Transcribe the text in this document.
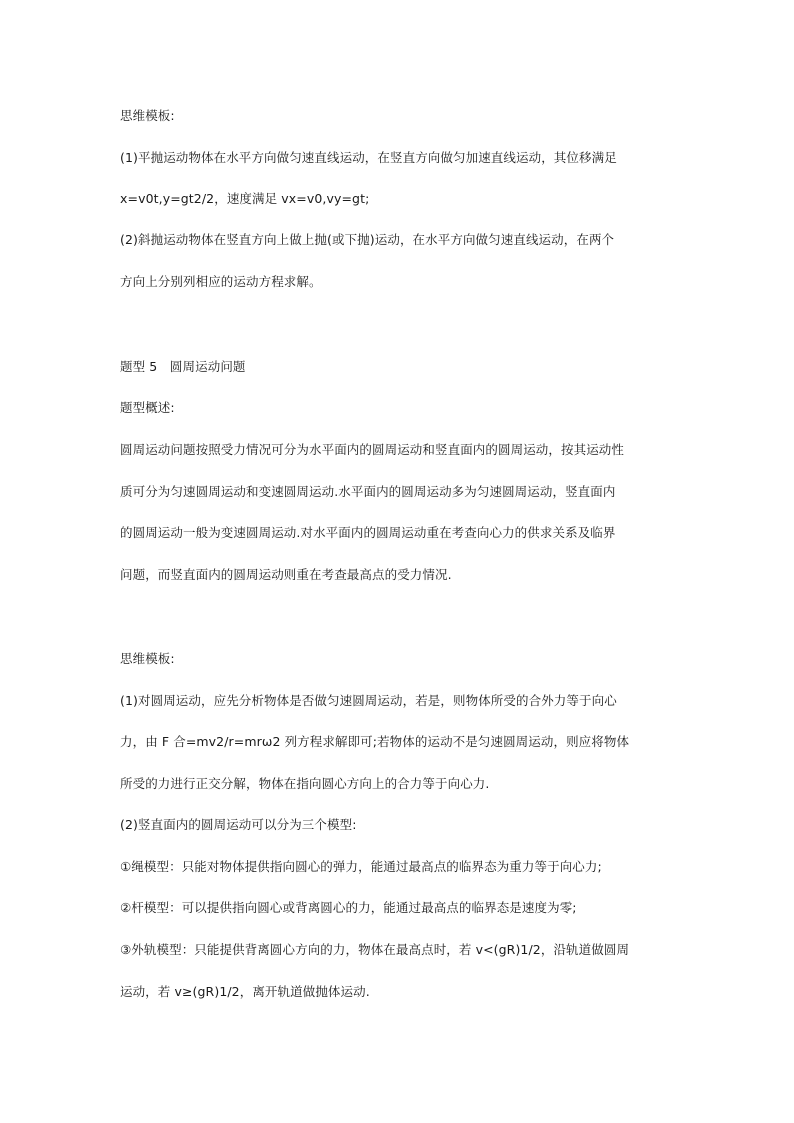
思维模板:
(1)平抛运动物体在水平方向做匀速直线运动，在竖直方向做匀加速直线运动，其位移满足
x=v0t,y=gt2/2，速度满足 vx=v0,vy=gt;
(2)斜抛运动物体在竖直方向上做上抛(或下抛)运动，在水平方向做匀速直线运动，在两个
方向上分别列相应的运动方程求解。
题型 5　圆周运动问题
题型概述:
圆周运动问题按照受力情况可分为水平面内的圆周运动和竖直面内的圆周运动，按其运动性
质可分为匀速圆周运动和变速圆周运动.水平面内的圆周运动多为匀速圆周运动，竖直面内
的圆周运动一般为变速圆周运动.对水平面内的圆周运动重在考查向心力的供求关系及临界
问题，而竖直面内的圆周运动则重在考查最高点的受力情况.
思维模板:
(1)对圆周运动，应先分析物体是否做匀速圆周运动，若是，则物体所受的合外力等于向心
力，由 F 合=mv2/r=mrω2 列方程求解即可;若物体的运动不是匀速圆周运动，则应将物体
所受的力进行正交分解，物体在指向圆心方向上的合力等于向心力.
(2)竖直面内的圆周运动可以分为三个模型:
①绳模型：只能对物体提供指向圆心的弹力，能通过最高点的临界态为重力等于向心力;
②杆模型：可以提供指向圆心或背离圆心的力，能通过最高点的临界态是速度为零;
③外轨模型：只能提供背离圆心方向的力，物体在最高点时，若 v<(gR)1/2，沿轨道做圆周
运动，若 v≥(gR)1/2，离开轨道做抛体运动.
